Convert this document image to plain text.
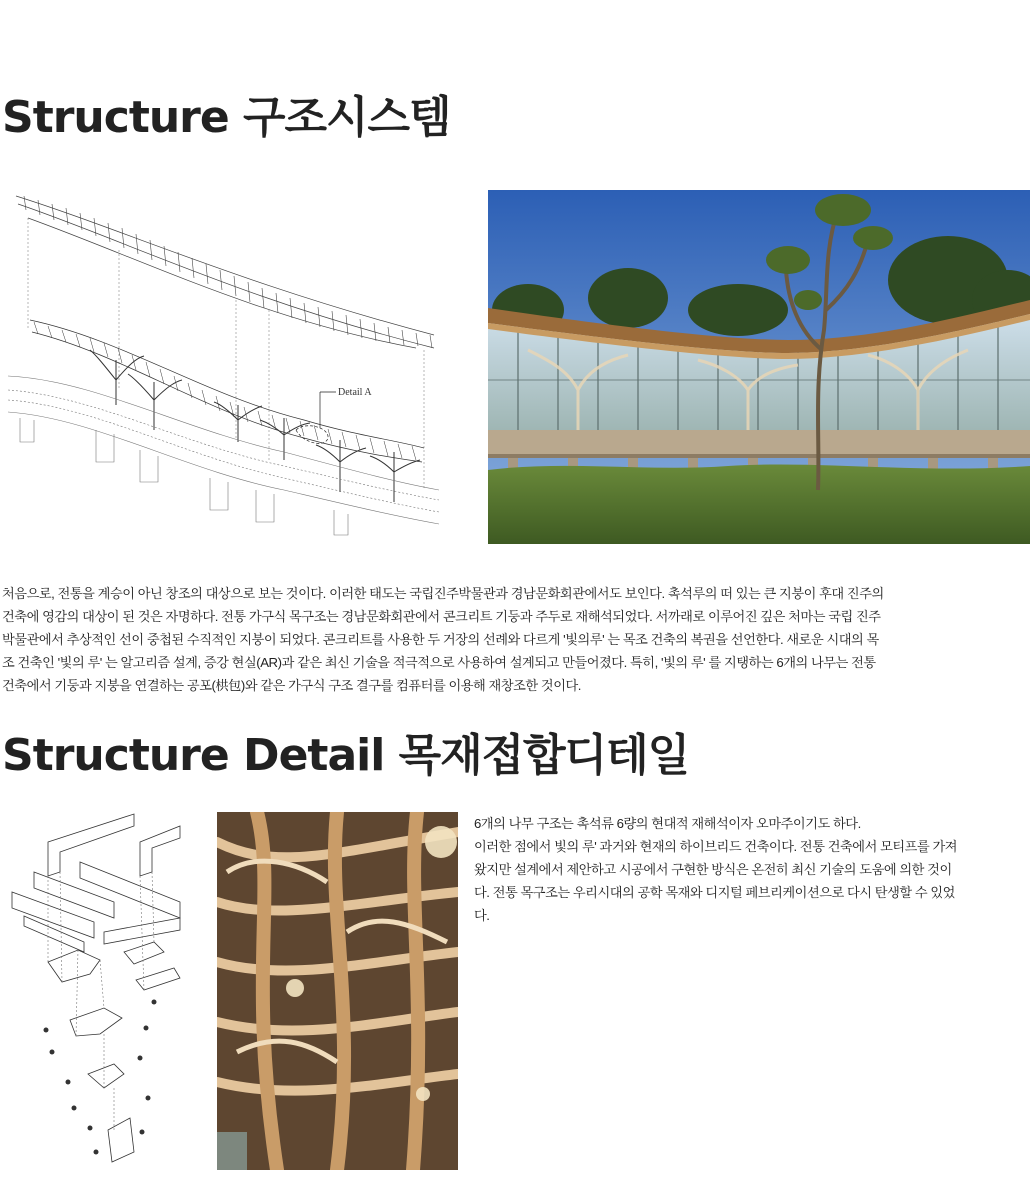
Structure 구조시스템
Detail A

처음으로, 전통을 계승이 아닌 창조의 대상으로 보는 것이다. 이러한 태도는 국립진주박물관과 경남문화회관에서도 보인다. 촉석루의 떠 있는 큰 지붕이 후대 진주의
건축에 영감의 대상이 된 것은 자명하다. 전통 가구식 목구조는 경남문화회관에서 콘크리트 기둥과 주두로 재해석되었다. 서까래로 이루어진 깊은 처마는 국립 진주
박물관에서 추상적인 선이 중첩된 수직적인 지붕이 되었다. 콘크리트를 사용한 두 거장의 선례와 다르게 '빛의루' 는 목조 건축의 복권을 선언한다. 새로운 시대의 목
조 건축인 '빛의 루' 는 알고리즘 설계, 증강 현실(AR)과 같은 최신 기술을 적극적으로 사용하여 설계되고 만들어졌다. 특히, '빛의 루' 를 지탱하는 6개의 나무는 전통
건축에서 기둥과 지붕을 연결하는 공포(栱包)와 같은 가구식 구조 결구를 컴퓨터를 이용해 재창조한 것이다.

Structure Detail 목재접합디테일

6개의 나무 구조는 촉석류 6량의 현대적 재해석이자 오마주이기도 하다.
이러한 점에서 빛의 루' 과거와 현재의 하이브리드 건축이다. 전통 건축에서 모티프를 가져
왔지만 설계에서 제안하고 시공에서 구현한 방식은 온전히 최신 기술의 도움에 의한 것이
다. 전통 목구조는 우리시대의 공학 목재와 디지털 페브리케이션으로 다시 탄생할 수 있었
다.
